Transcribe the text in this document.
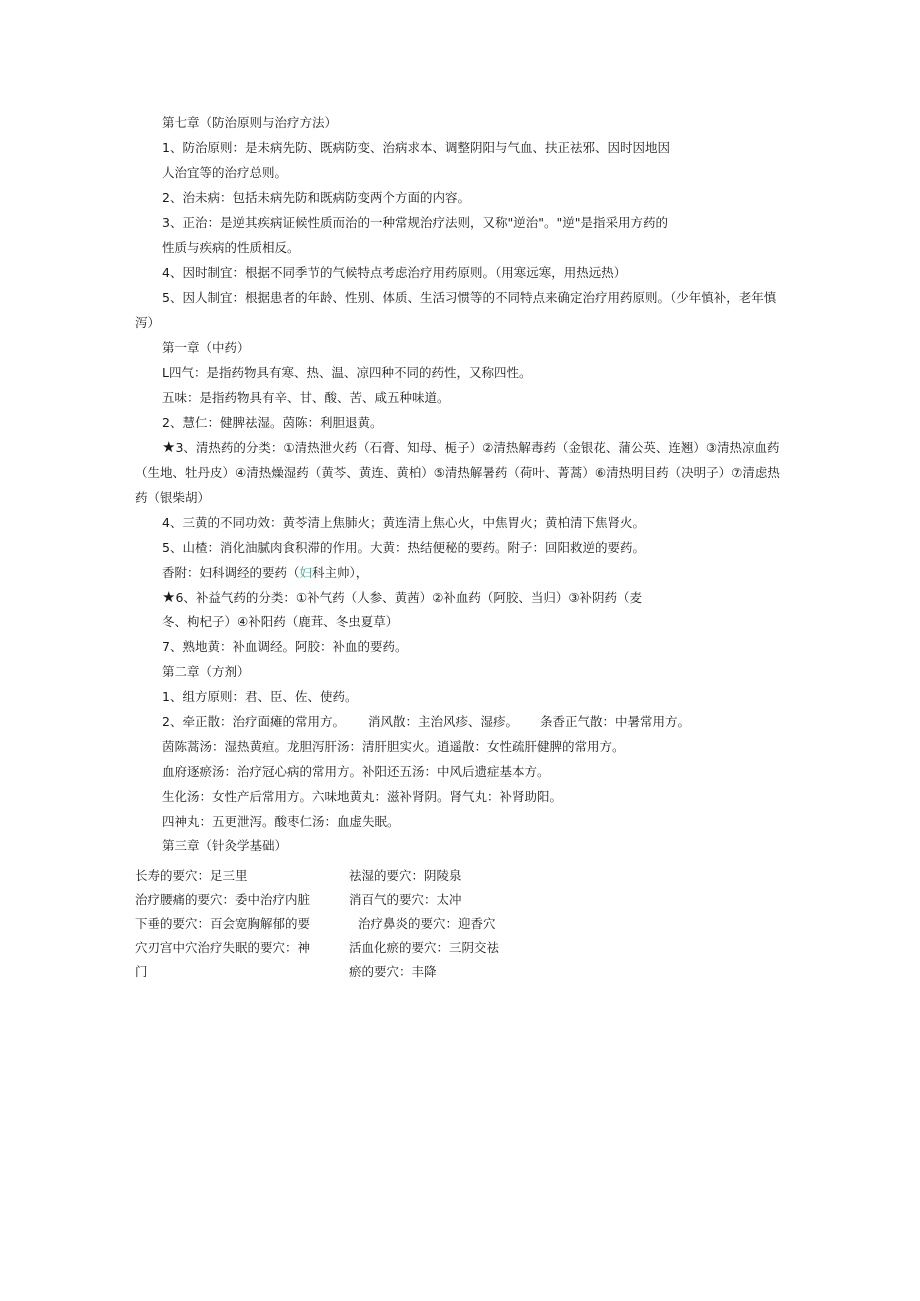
第七章（防治原则与治疗方法）
1、防治原则：是未病先防、既病防变、治病求本、调整阴阳与气血、扶正祛邪、因时因地因
人治宜等的治疗总则。
2、治未病：包括未病先防和既病防变两个方面的内容。
3、正治：是逆其疾病证候性质而治的一种常规治疗法则，又称"逆治"。"逆"是指采用方药的
性质与疾病的性质相反。
4、因时制宜：根据不同季节的气候特点考虑治疗用药原则。（用寒远寒，用热远热）
5、因人制宜：根据患者的年龄、性别、体质、生活习惯等的不同特点来确定治疗用药原则。（少年慎补，老年慎泻）
第一章（中药）
L四气：是指药物具有寒、热、温、凉四种不同的药性，又称四性。
五味：是指药物具有辛、甘、酸、苦、咸五种味道。
2、慧仁：健脾祛湿。茵陈：利胆退黄。
★3、清热药的分类：①清热泄火药（石膏、知母、栀子）②清热解毒药（金银花、蒲公英、连翘）③清热凉血药（生地、牡丹皮）④清热燥湿药（黄芩、黄连、黄柏）⑤清热解暑药（荷叶、菁蒿）⑥清热明目药（决明子）⑦清虑热药（银柴胡）
4、三黄的不同功效：黄苓清上焦肺火；黄连清上焦心火，中焦胃火；黄柏清下焦肾火。
5、山楂：消化油腻肉食积滞的作用。大黄：热结便秘的要药。附子：回阳救逆的要药。
香附：妇科调经的要药（妇科主帅），
★6、补益气药的分类：①补气药（人参、黄茜）②补血药（阿胶、当归）③补阴药（麦
冬、枸杞子）④补阳药（鹿茸、冬虫夏草）
7、熟地黄：补血调经。阿胶：补血的要药。
第二章（方剂）
1、组方原则：君、臣、佐、使药。
2、牵正散：治疗面瘫的常用方。 消风散：主治风疹、湿疹。 条香正气散：中暑常用方。
茵陈蒿汤：湿热黄疸。龙胆泻肝汤：清肝胆实火。逍遥散：女性疏肝健脾的常用方。
血府逐瘀汤：治疗冠心病的常用方。补阳还五汤：中风后遗症基本方。
生化汤：女性产后常用方。六味地黄丸：滋补肾阴。肾气丸：补肾助阳。
四神丸：五更泄泻。酸枣仁汤：血虚失眠。
第三章（针灸学基础）
长寿的要穴：足三里
治疗腰痛的要穴：委中治疗内脏
下垂的要穴：百会宽胸解郁的要
穴刃宫中穴治疗失眠的要穴：神
门
祛湿的要穴：阴陵泉
消百气的要穴：太冲
治疗鼻炎的要穴：迎香穴
活血化瘀的要穴：三阴交祛
瘀的要穴：丰降
